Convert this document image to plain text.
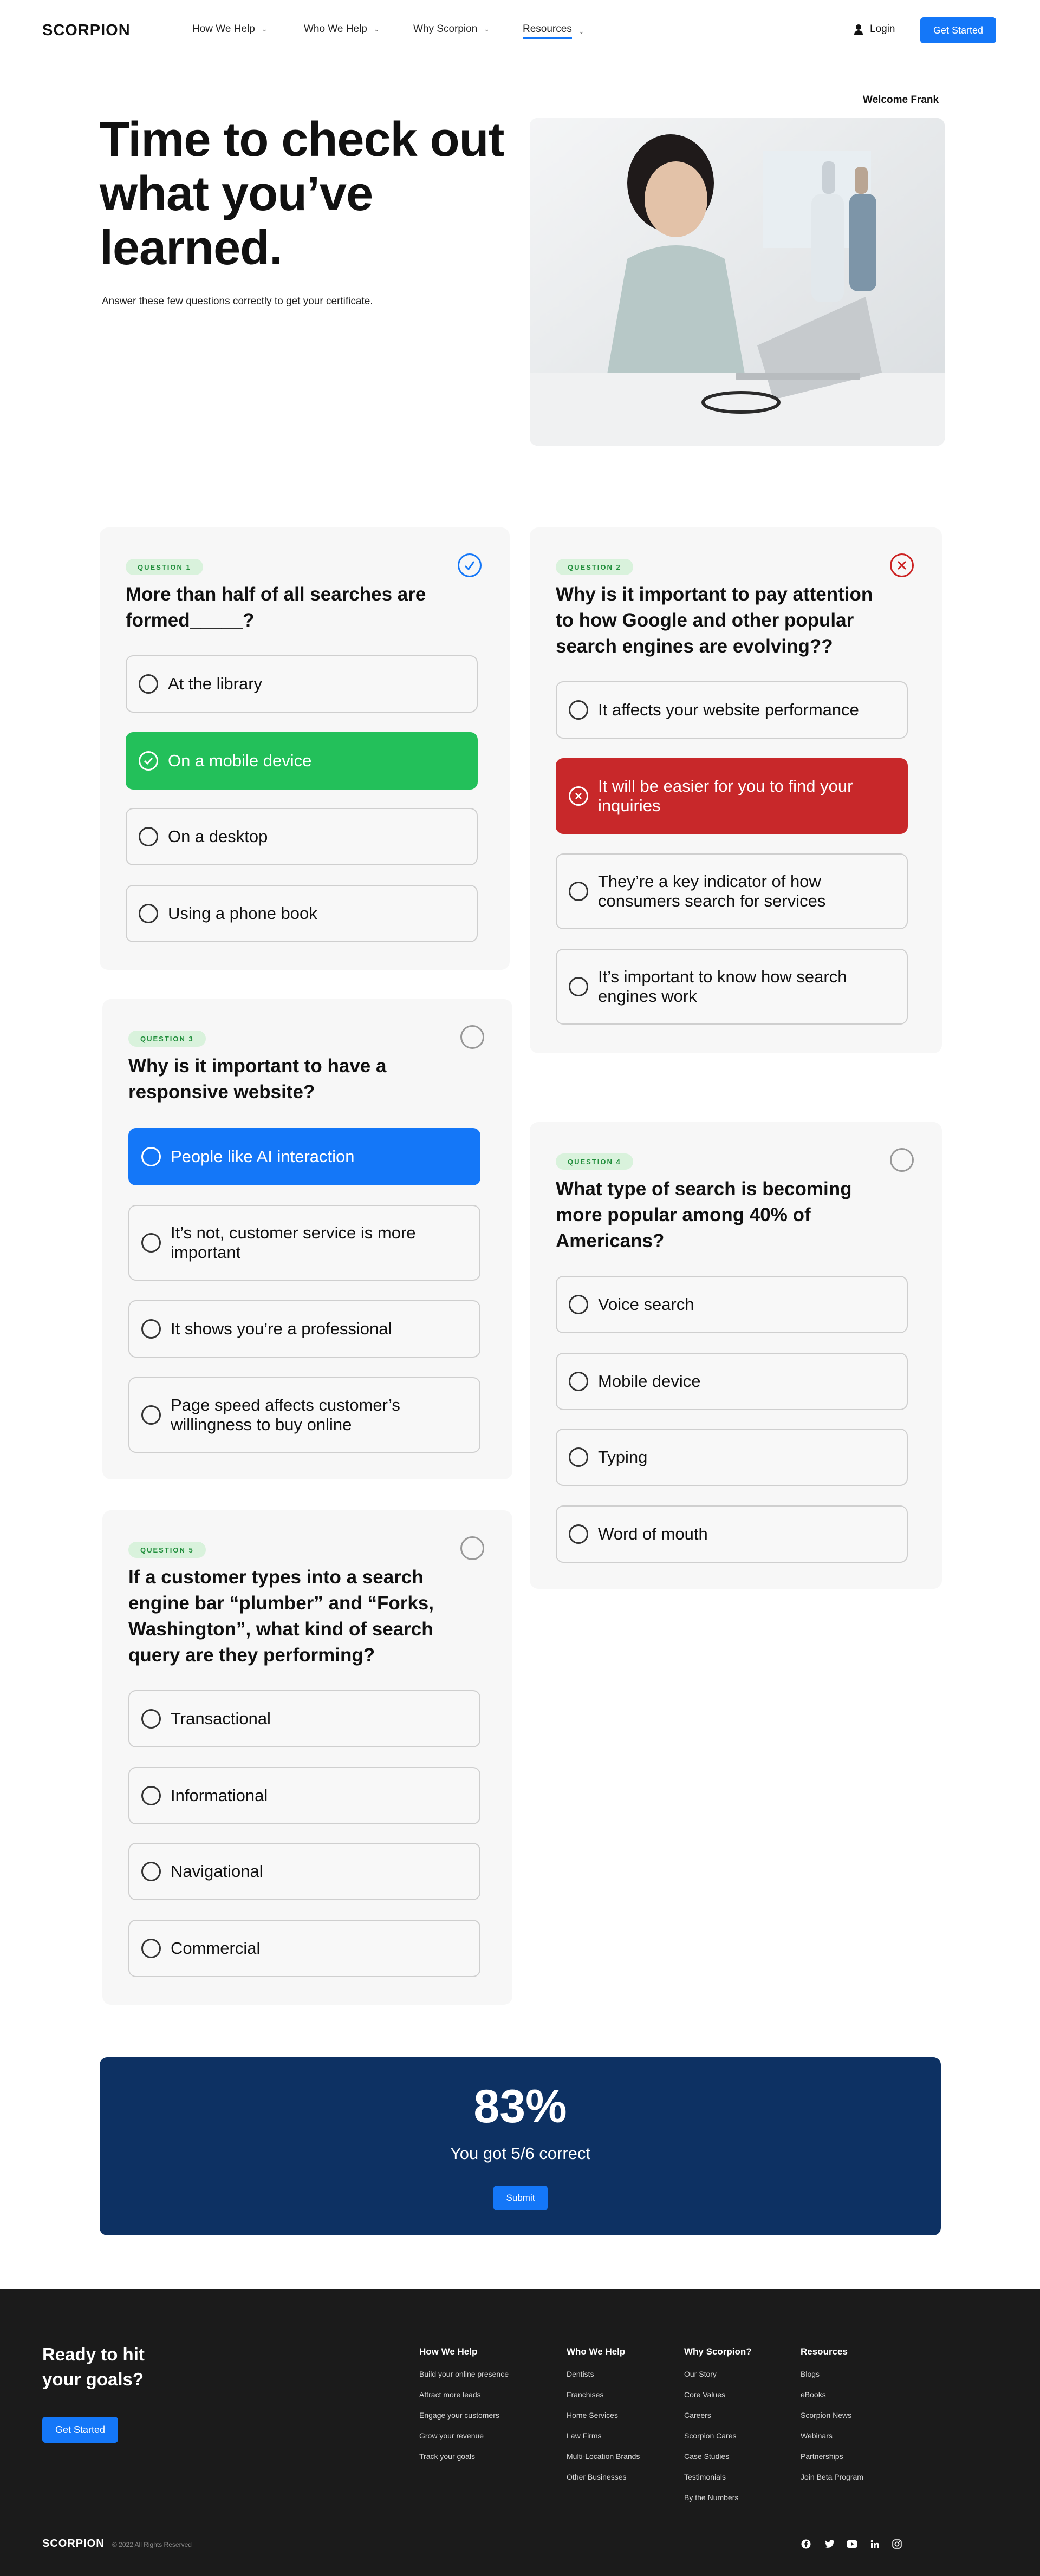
SCORPION	How We Help ⌄	Who We Help ⌄	Why Scorpion ⌄	Resources ⌄	Login	Get Started
Welcome Frank
Time to check out what you’ve learned.

Answer these few questions correctly to get your certificate.

QUESTION 1
More than half of all searches are formed_____?
At the library
On a mobile device
On a desktop
Using a phone book
QUESTION 2
Why is it important to pay attention to how Google and other popular search engines are evolving??
It affects your website performance
It will be easier for you to find your inquiries
They’re a key indicator of how consumers search for services
It’s important to know how search engines work
QUESTION 3
Why is it important to have a responsive website?
People like AI interaction
It’s not, customer service is more important
It shows you’re a professional
Page speed affects customer’s willingness to buy online
QUESTION 4
What type of search is becoming more popular among 40% of Americans?
Voice search
Mobile device
Typing
Word of mouth
QUESTION 5
If a customer types into a search engine bar “plumber” and “Forks, Washington”, what kind of search query are they performing?
Transactional
Informational
Navigational
Commercial
83%
You got 5/6 correct
Submit
Ready to hit your goals?
Get Started
How We Help
Build your online presence
Attract more leads
Engage your customers
Grow your revenue
Track your goals
Who We Help
Dentists
Franchises
Home Services
Law Firms
Multi-Location Brands
Other Businesses
Why Scorpion?
Our Story
Core Values
Careers
Scorpion Cares
Case Studies
Testimonials
By the Numbers
Resources
Blogs
eBooks
Scorpion News
Webinars
Partnerships
Join Beta Program
SCORPION © 2022 All Rights Reserved
